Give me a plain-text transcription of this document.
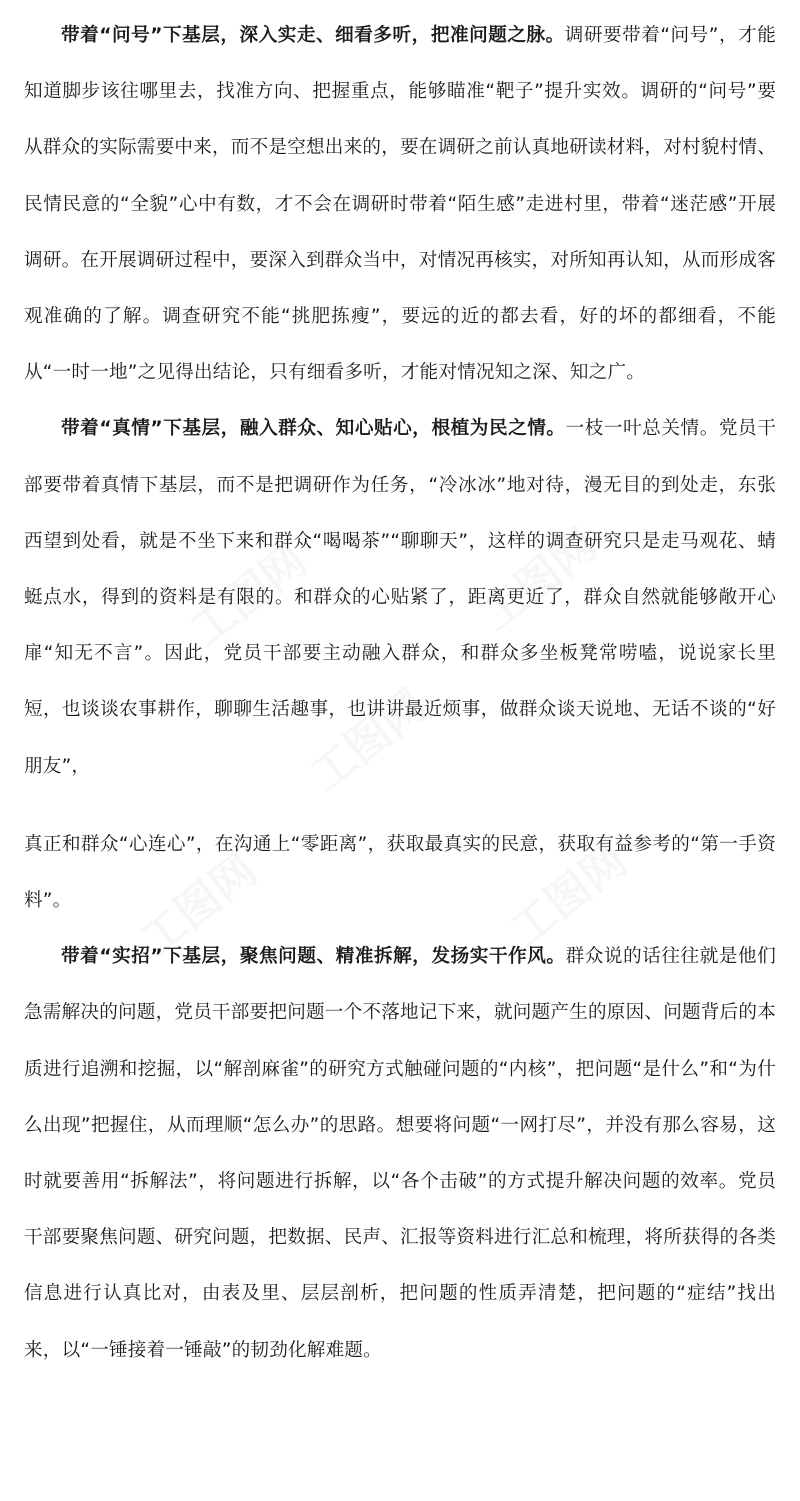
工图网
工图网
工图网
工图网	工图网

带着“问号”下基层，深入实走、细看多听，把准问题之脉。调研要带着“问号”，才能知道脚步该往哪里去，找准方向、把握重点，能够瞄准“靶子”提升实效。调研的“问号”要从群众的实际需要中来，而不是空想出来的，要在调研之前认真地研读材料，对村貌村情、民情民意的“全貌”心中有数，才不会在调研时带着“陌生感”走进村里，带着“迷茫感”开展调研。在开展调研过程中，要深入到群众当中，对情况再核实，对所知再认知，从而形成客观准确的了解。调查研究不能“挑肥拣瘦”，要远的近的都去看，好的坏的都细看，不能从“一时一地”之见得出结论，只有细看多听，才能对情况知之深、知之广。

带着“真情”下基层，融入群众、知心贴心，根植为民之情。一枝一叶总关情。党员干部要带着真情下基层，而不是把调研作为任务，“冷冰冰”地对待，漫无目的到处走，东张西望到处看，就是不坐下来和群众“喝喝茶”“聊聊天”，这样的调查研究只是走马观花、蜻蜓点水，得到的资料是有限的。和群众的心贴紧了，距离更近了，群众自然就能够敞开心扉“知无不言”。因此，党员干部要主动融入群众，和群众多坐板凳常唠嗑，说说家长里短，也谈谈农事耕作，聊聊生活趣事，也讲讲最近烦事，做群众谈天说地、无话不谈的“好朋友”，

真正和群众“心连心”，在沟通上“零距离”，获取最真实的民意，获取有益参考的“第一手资料”。

带着“实招”下基层，聚焦问题、精准拆解，发扬实干作风。群众说的话往往就是他们急需解决的问题，党员干部要把问题一个不落地记下来，就问题产生的原因、问题背后的本质进行追溯和挖掘，以“解剖麻雀”的研究方式触碰问题的“内核”，把问题“是什么”和“为什么出现”把握住，从而理顺“怎么办”的思路。想要将问题“一网打尽”，并没有那么容易，这时就要善用“拆解法”，将问题进行拆解，以“各个击破”的方式提升解决问题的效率。党员干部要聚焦问题、研究问题，把数据、民声、汇报等资料进行汇总和梳理，将所获得的各类信息进行认真比对，由表及里、层层剖析，把问题的性质弄清楚，把问题的“症结”找出来，以“一锤接着一锤敲”的韧劲化解难题。
